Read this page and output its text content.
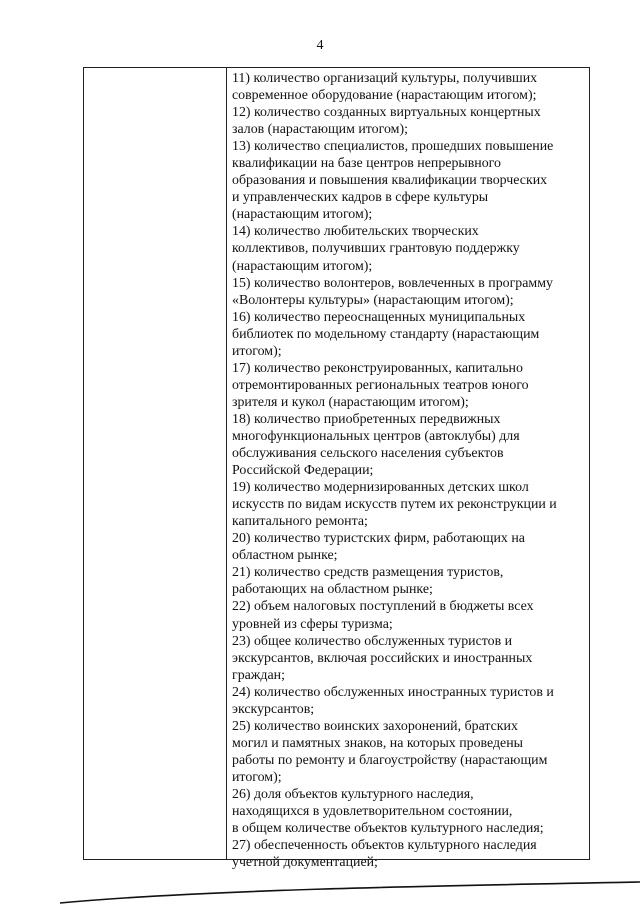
4
11) количество организаций культуры, получивших
современное оборудование (нарастающим итогом);
12) количество созданных виртуальных концертных
залов (нарастающим итогом);
13) количество специалистов, прошедших повышение
квалификации на базе центров непрерывного
образования и повышения квалификации творческих
и управленческих кадров в сфере культуры
(нарастающим итогом);
14) количество любительских творческих
коллективов, получивших грантовую поддержку
(нарастающим итогом);
15) количество волонтеров, вовлеченных в программу
«Волонтеры культуры» (нарастающим итогом);
16) количество переоснащенных муниципальных
библиотек по модельному стандарту (нарастающим
итогом);
17) количество реконструированных, капитально
отремонтированных региональных театров юного
зрителя и кукол (нарастающим итогом);
18) количество приобретенных передвижных
многофункциональных центров (автоклубы) для
обслуживания сельского населения субъектов
Российской Федерации;
19) количество модернизированных детских школ
искусств по видам искусств путем их реконструкции и
капитального ремонта;
20) количество туристских фирм, работающих на
областном рынке;
21) количество средств размещения туристов,
работающих на областном рынке;
22) объем налоговых поступлений в бюджеты всех
уровней из сферы туризма;
23) общее количество обслуженных туристов и
экскурсантов, включая российских и иностранных
граждан;
24) количество обслуженных иностранных туристов и
экскурсантов;
25) количество воинских захоронений, братских
могил и памятных знаков, на которых проведены
работы по ремонту и благоустройству (нарастающим
итогом);
26) доля объектов культурного наследия,
находящихся в удовлетворительном состоянии,
в общем количестве объектов культурного наследия;
27) обеспеченность объектов культурного наследия
учетной документацией;
